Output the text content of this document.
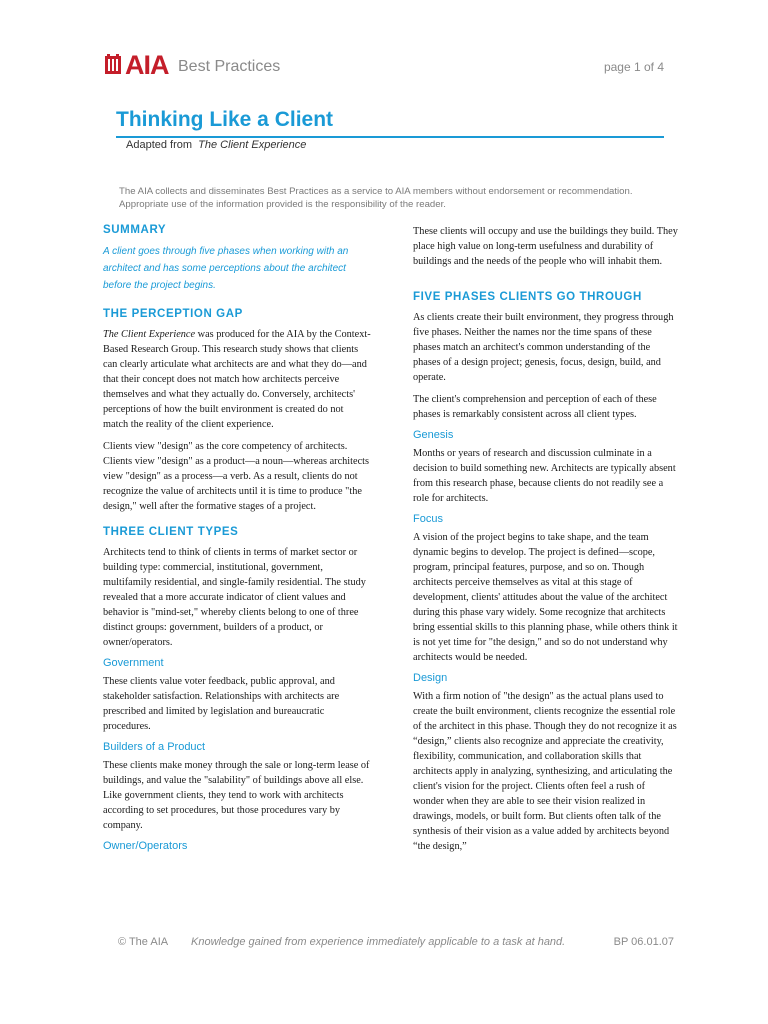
AIA Best Practices	page 1 of 4
Thinking Like a Client
Adapted from The Client Experience
The AIA collects and disseminates Best Practices as a service to AIA members without endorsement or recommendation. Appropriate use of the information provided is the responsibility of the reader.
SUMMARY
A client goes through five phases when working with an architect and has some perceptions about the architect before the project begins.
THE PERCEPTION GAP

The Client Experience was produced for the AIA by the Context-Based Research Group. This research study shows that clients can clearly articulate what architects are and what they do—and that their concept does not match how architects perceive themselves and what they actually do. Conversely, architects' perceptions of how the built environment is created do not match the reality of the client experience.

Clients view "design" as the core competency of architects. Clients view "design" as a product—a noun—whereas architects view "design" as a process—a verb. As a result, clients do not recognize the value of architects until it is time to produce "the design," well after the formative stages of a project.

THREE CLIENT TYPES

Architects tend to think of clients in terms of market sector or building type: commercial, institutional, government, multifamily residential, and single-family residential. The study revealed that a more accurate indicator of client values and behavior is "mind-set," whereby clients belong to one of three distinct groups: government, builders of a product, or owner/operators.

Government

These clients value voter feedback, public approval, and stakeholder satisfaction. Relationships with architects are prescribed and limited by legislation and bureaucratic procedures.

Builders of a Product

These clients make money through the sale or long-term lease of buildings, and value the "salability" of buildings above all else. Like government clients, they tend to work with architects according to set procedures, but those procedures vary by company.

Owner/Operators

These clients will occupy and use the buildings they build. They place high value on long-term usefulness and durability of buildings and the needs of the people who will inhabit them.

FIVE PHASES CLIENTS GO THROUGH

As clients create their built environment, they progress through five phases. Neither the names nor the time spans of these phases match an architect's common understanding of the phases of a design project; genesis, focus, design, build, and operate.

The client's comprehension and perception of each of these phases is remarkably consistent across all client types.

Genesis

Months or years of research and discussion culminate in a decision to build something new. Architects are typically absent from this research phase, because clients do not readily see a role for architects.

Focus

A vision of the project begins to take shape, and the team dynamic begins to develop. The project is defined—scope, program, principal features, purpose, and so on. Though architects perceive themselves as vital at this stage of development, clients' attitudes about the value of the architect during this phase vary widely. Some recognize that architects bring essential skills to this planning phase, while others think it is not yet time for "the design," and so do not understand why architects would be needed.

Design

With a firm notion of "the design" as the actual plans used to create the built environment, clients recognize the essential role of the architect in this phase. Though they do not recognize it as “design,” clients also recognize and appreciate the creativity, flexibility, communication, and collaboration skills that architects apply in analyzing, synthesizing, and articulating the client's vision for the project. Clients often feel a rush of wonder when they are able to see their vision realized in drawings, models, or built form. But clients often talk of the synthesis of their vision as a value added by architects beyond “the design,”

© The AIA Knowledge gained from experience immediately applicable to a task at hand.	BP 06.01.07
